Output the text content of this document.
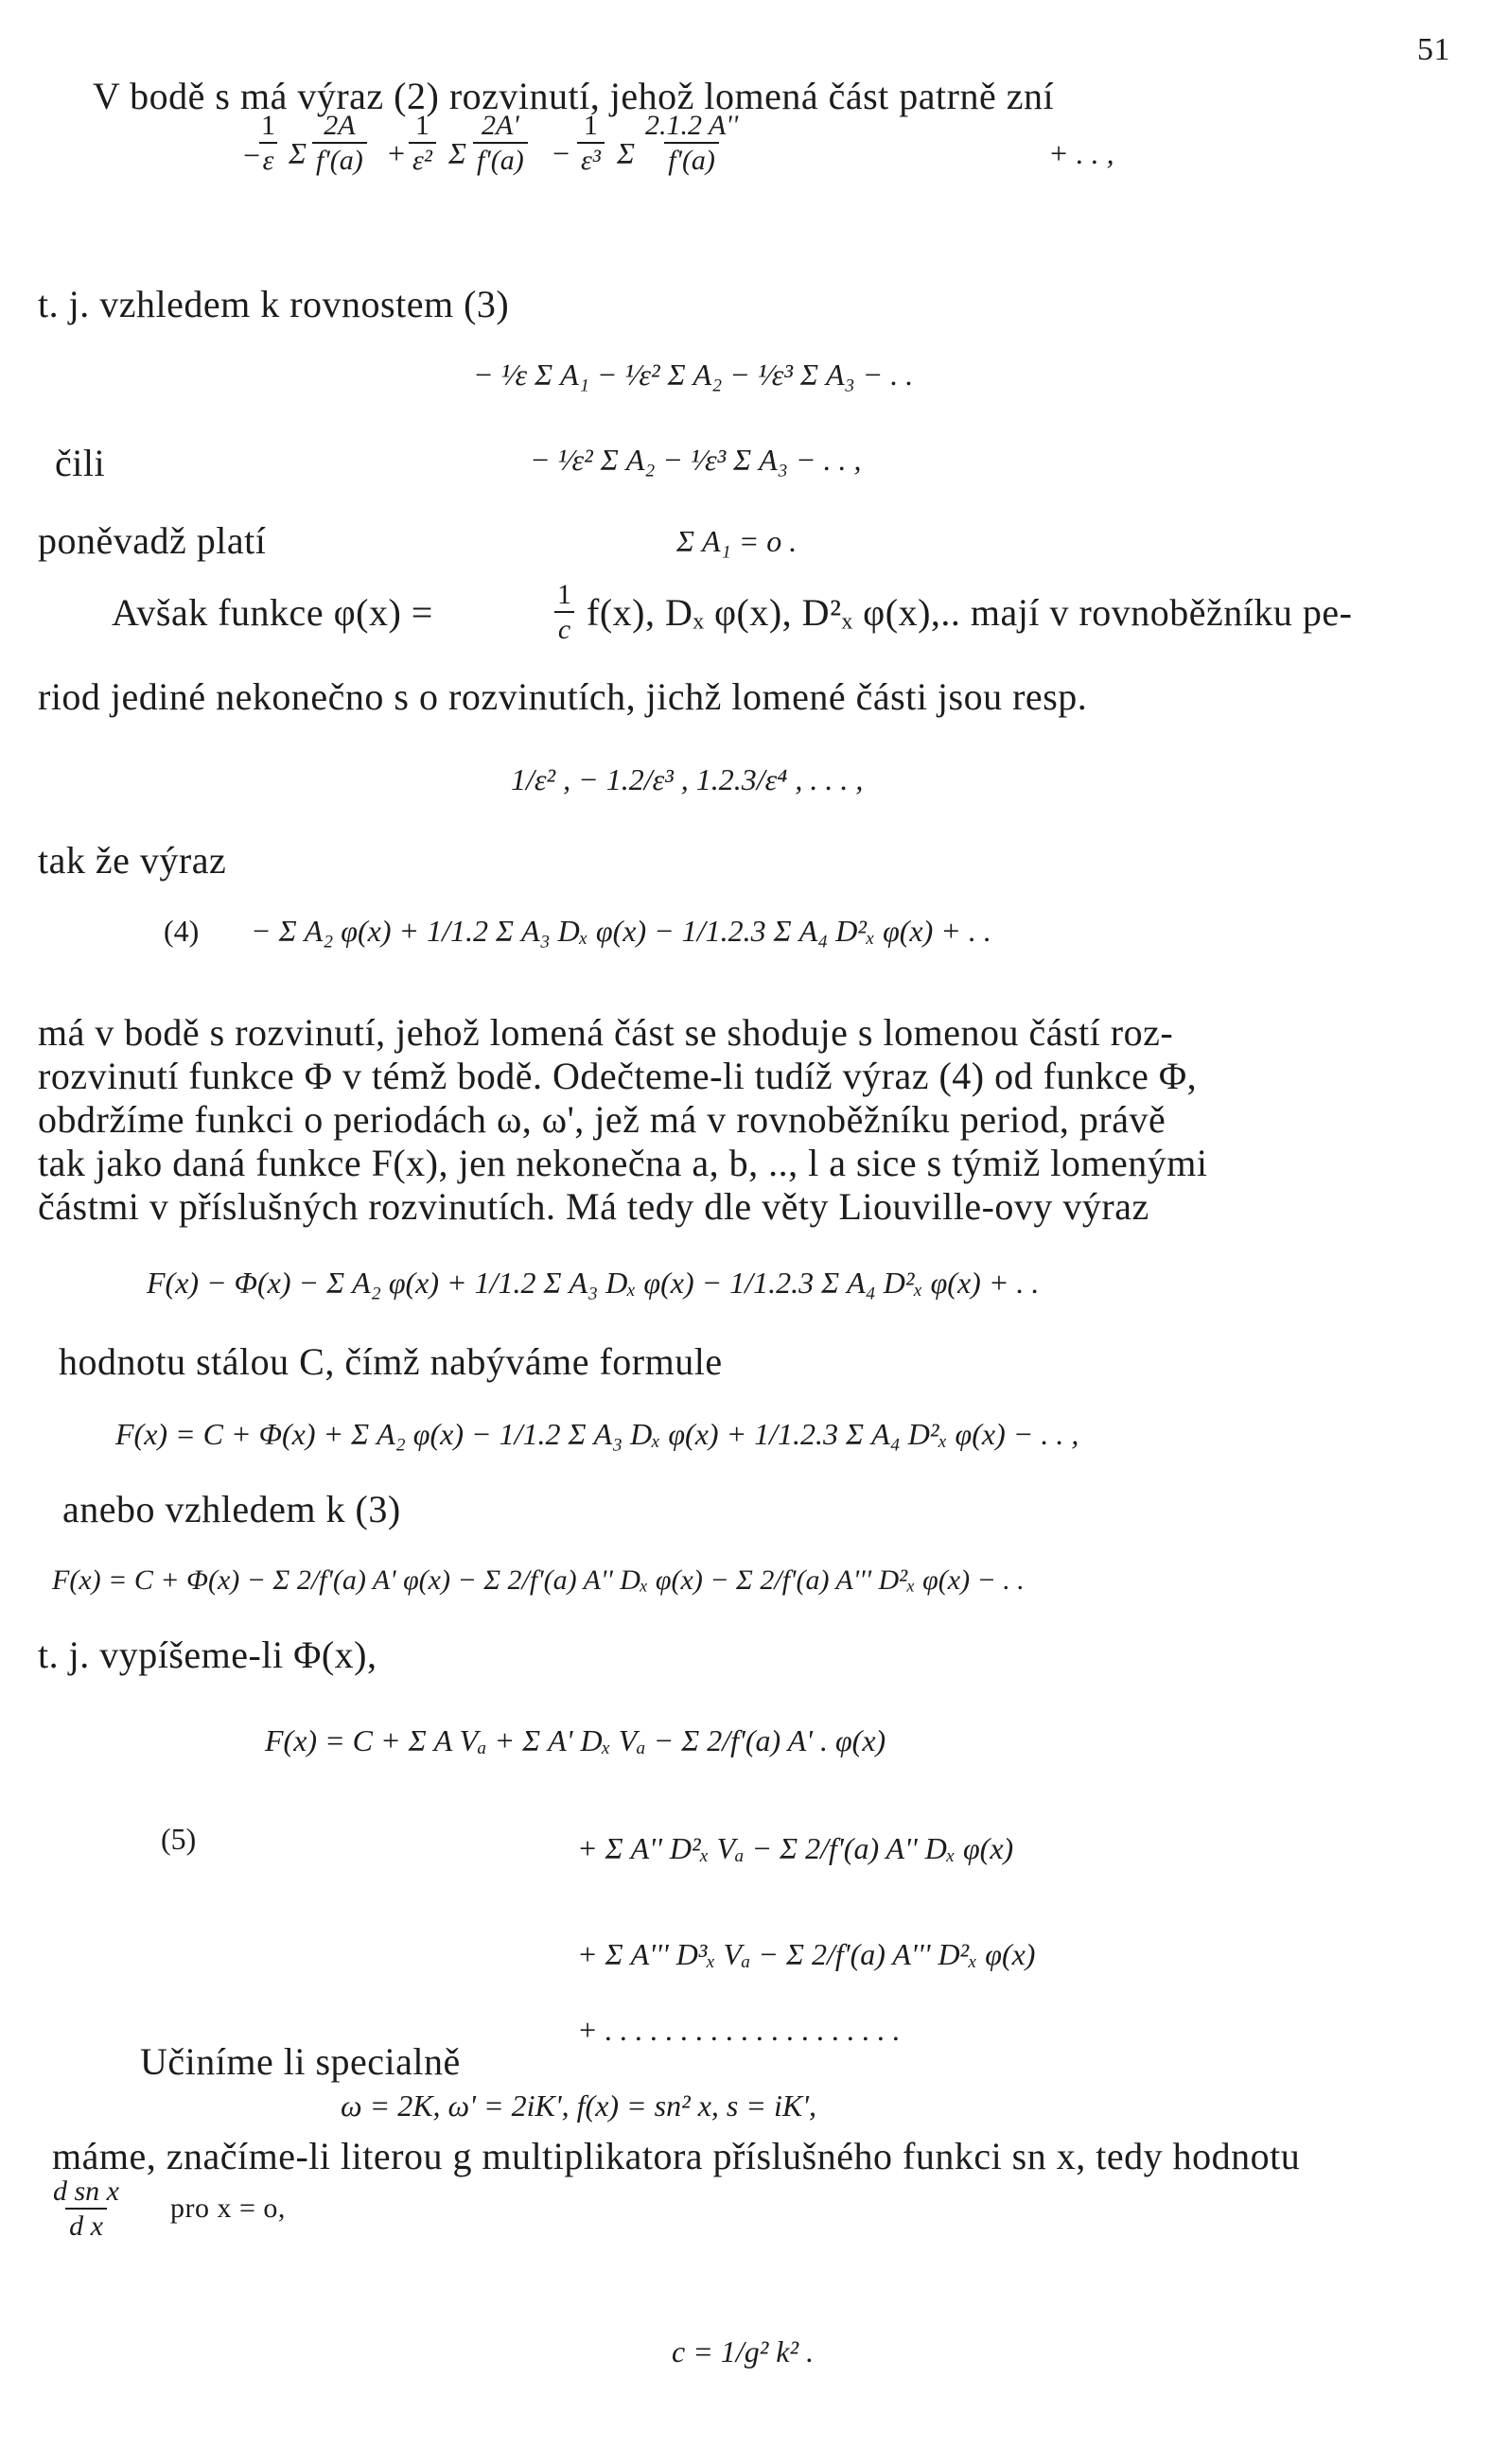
51
V bodě s má výraz (2) rozvinutí, jehož lomená část patrně zní
−
$\frac{1}{\varepsilon}$ Σ $\frac{2A}{f'(a)} + \frac{1}{\text{ε²}}$ Σ $\frac{2A'}{f'(a)} - \frac{1}{\text{ε³}}$ Σ $\frac{2.1.2 A''}{f'(a)}$	+ . . ,
t. j. vzhledem k rovnostem (3)
− ¹⁄ε Σ A₁ − ¹⁄ε² Σ A₂ − ¹⁄ε³ Σ A₃ − . .
čili	− ¹⁄ε² Σ A₂ − ¹⁄ε³ Σ A₃ − . . ,
poněvadž platí	Σ A₁ = o .
Avšak funkce φ(x) =	$\frac{1}{c} f(x)$, Dₓ φ(x), D²ₓ φ(x),.. mají v rovnoběžníku pe-
riod jediné nekonečno s o rozvinutích, jichž lomené části jsou resp.
1/ε² , − 1.2/ε³ , 1.2.3/ε⁴ , . . . ,
tak že výraz
(4) − Σ A₂ φ(x) + 1/1.2 Σ A₃ Dₓ φ(x) − 1/1.2.3 Σ A₄ D²ₓ φ(x) + . .
má v bodě s rozvinutí, jehož lomená část se shoduje s lomenou částí roz-
rozvinutí funkce Φ v témž bodě. Odečteme-li tudíž výraz (4) od funkce Φ,
obdržíme funkci o periodách ω, ω', jež má v rovnoběžníku period, právě
tak jako daná funkce F(x), jen nekonečna a, b, .., l a sice s týmiž lomenými
částmi v příslušných rozvinutích. Má tedy dle věty Liouville-ovy výraz
F(x) − Φ(x) − Σ A₂ φ(x) + 1/1.2 Σ A₃ Dₓ φ(x) − 1/1.2.3 Σ A₄ D²ₓ φ(x) + . .
hodnotu stálou C, čímž nabýváme formule
F(x) = C + Φ(x) + Σ A₂ φ(x) − 1/1.2 Σ A₃ Dₓ φ(x) + 1/1.2.3 Σ A₄ D²ₓ φ(x) − . . ,
anebo vzhledem k (3)
F(x) = C + Φ(x) − Σ 2/f'(a) A' φ(x) − Σ 2/f'(a) A'' Dₓ φ(x) − Σ 2/f'(a) A''' D²ₓ φ(x) − . .
t. j. vypíšeme-li Φ(x),
F(x) = C + Σ A Vₐ + Σ A' Dₓ Vₐ − Σ 2/f'(a) A' . φ(x)
(5)	+ Σ A'' D²ₓ Vₐ − Σ 2/f'(a) A'' Dₓ φ(x)
+ Σ A''' D³ₓ Vₐ − Σ 2/f'(a) A''' D²ₓ φ(x)
+ . . . . . . . . . . . . . . . . . . . .
Učiníme li specialně
ω = 2K, ω' = 2iK', f(x) = sn² x, s = iK',
máme, značíme-li literou g multiplikatora příslušného funkci sn x, tedy hodnotu
$\frac{\text{d sn x}}{\text{d x}}$ pro x = o,
c = 1/g² k² .
